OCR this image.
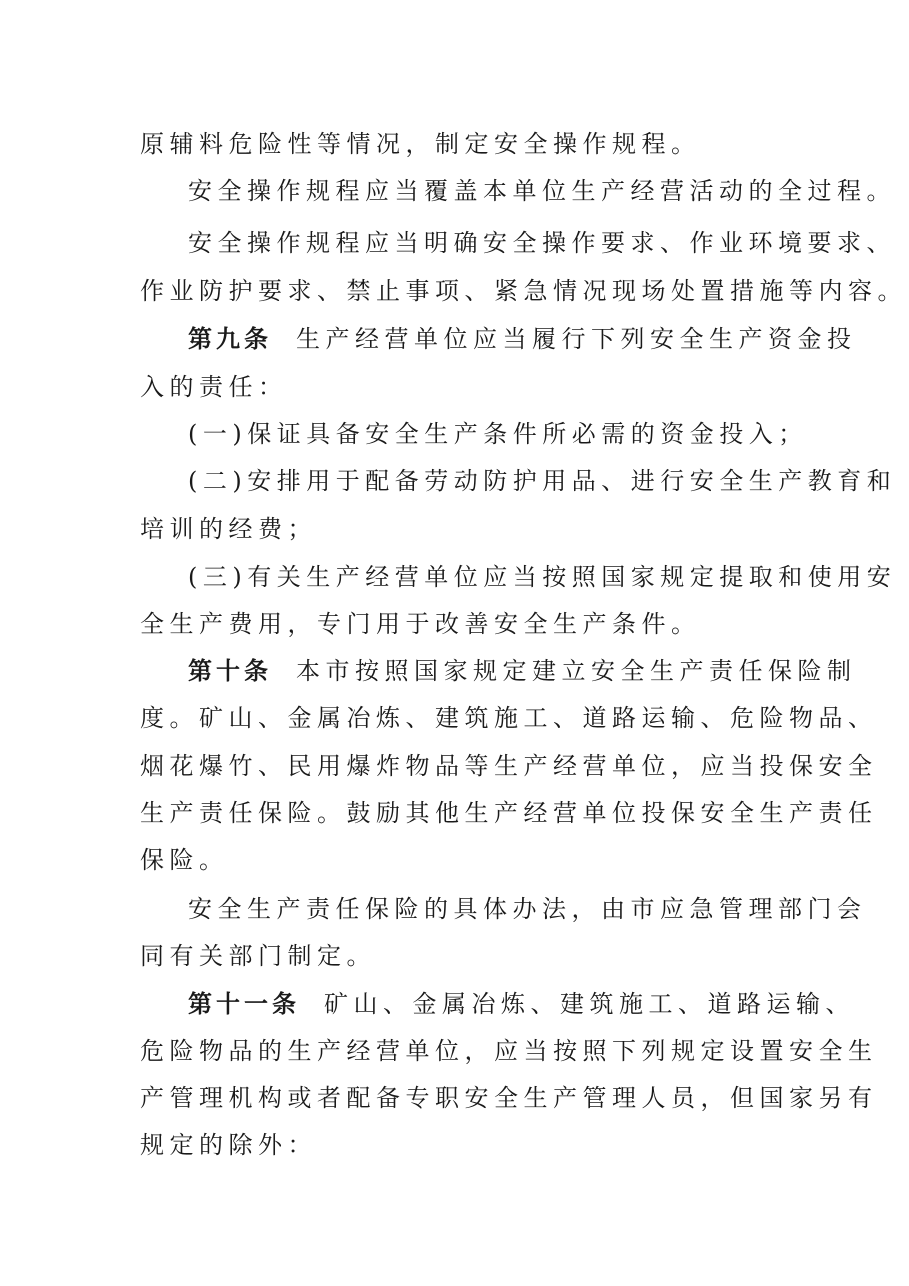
原辅料危险性等情况，制定安全操作规程。
安全操作规程应当覆盖本单位生产经营活动的全过程。
安全操作规程应当明确安全操作要求、作业环境要求、
作业防护要求、禁止事项、紧急情况现场处置措施等内容。
第九条 生产经营单位应当履行下列安全生产资金投
入的责任：
(一)保证具备安全生产条件所必需的资金投入；
(二)安排用于配备劳动防护用品、进行安全生产教育和
培训的经费；
(三)有关生产经营单位应当按照国家规定提取和使用安
全生产费用，专门用于改善安全生产条件。
第十条 本市按照国家规定建立安全生产责任保险制
度。矿山、金属冶炼、建筑施工、道路运输、危险物品、
烟花爆竹、民用爆炸物品等生产经营单位，应当投保安全
生产责任保险。鼓励其他生产经营单位投保安全生产责任
保险。
安全生产责任保险的具体办法，由市应急管理部门会
同有关部门制定。
第十一条 矿山、金属冶炼、建筑施工、道路运输、
危险物品的生产经营单位，应当按照下列规定设置安全生
产管理机构或者配备专职安全生产管理人员，但国家另有
规定的除外：
